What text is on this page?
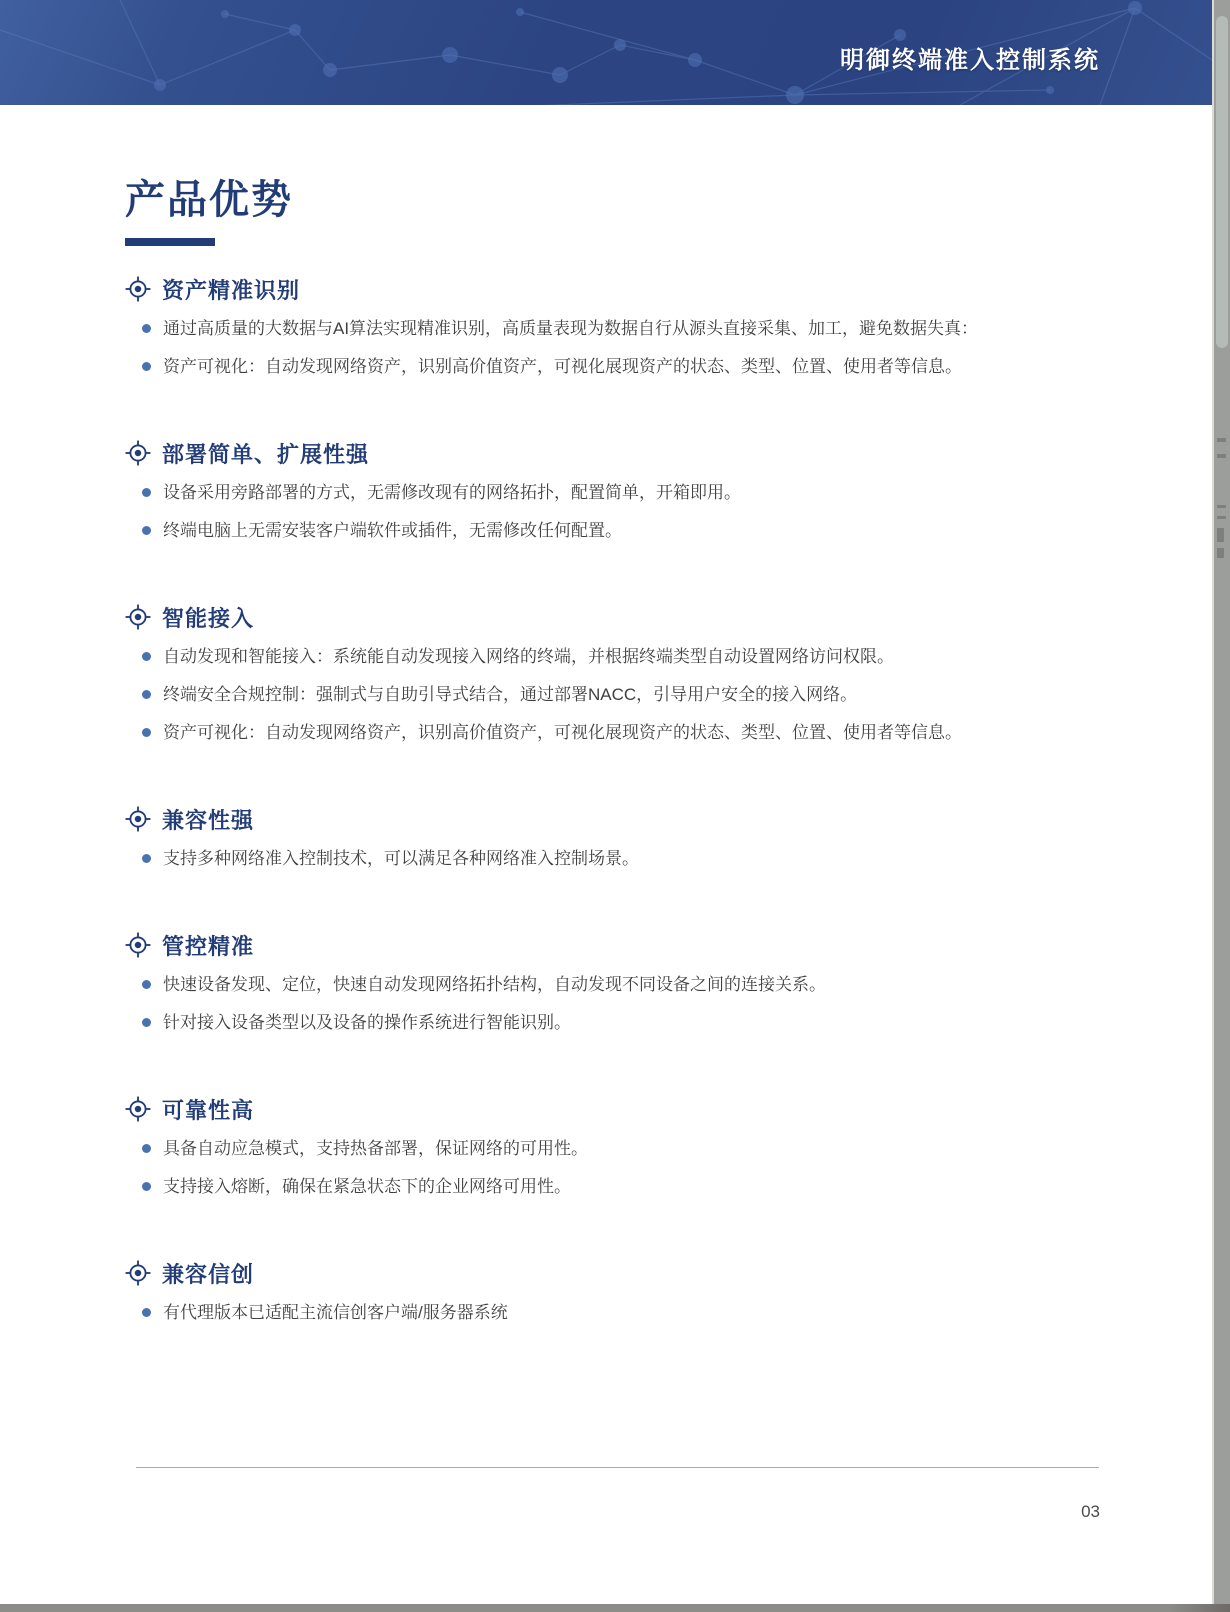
明御终端准入控制系统
产品优势
资产精准识别
通过高质量的大数据与AI算法实现精准识别，高质量表现为数据自行从源头直接采集、加工，避免数据失真：
资产可视化：自动发现网络资产，识别高价值资产，可视化展现资产的状态、类型、位置、使用者等信息。
部署简单、扩展性强
设备采用旁路部署的方式，无需修改现有的网络拓扑，配置简单，开箱即用。
终端电脑上无需安装客户端软件或插件，无需修改任何配置。
智能接入
自动发现和智能接入：系统能自动发现接入网络的终端，并根据终端类型自动设置网络访问权限。
终端安全合规控制：强制式与自助引导式结合，通过部署NACC，引导用户安全的接入网络。
资产可视化：自动发现网络资产，识别高价值资产，可视化展现资产的状态、类型、位置、使用者等信息。
兼容性强
支持多种网络准入控制技术，可以满足各种网络准入控制场景。
管控精准
快速设备发现、定位，快速自动发现网络拓扑结构，自动发现不同设备之间的连接关系。
针对接入设备类型以及设备的操作系统进行智能识别。
可靠性高
具备自动应急模式，支持热备部署，保证网络的可用性。
支持接入熔断，确保在紧急状态下的企业网络可用性。
兼容信创
有代理版本已适配主流信创客户端/服务器系统
03
